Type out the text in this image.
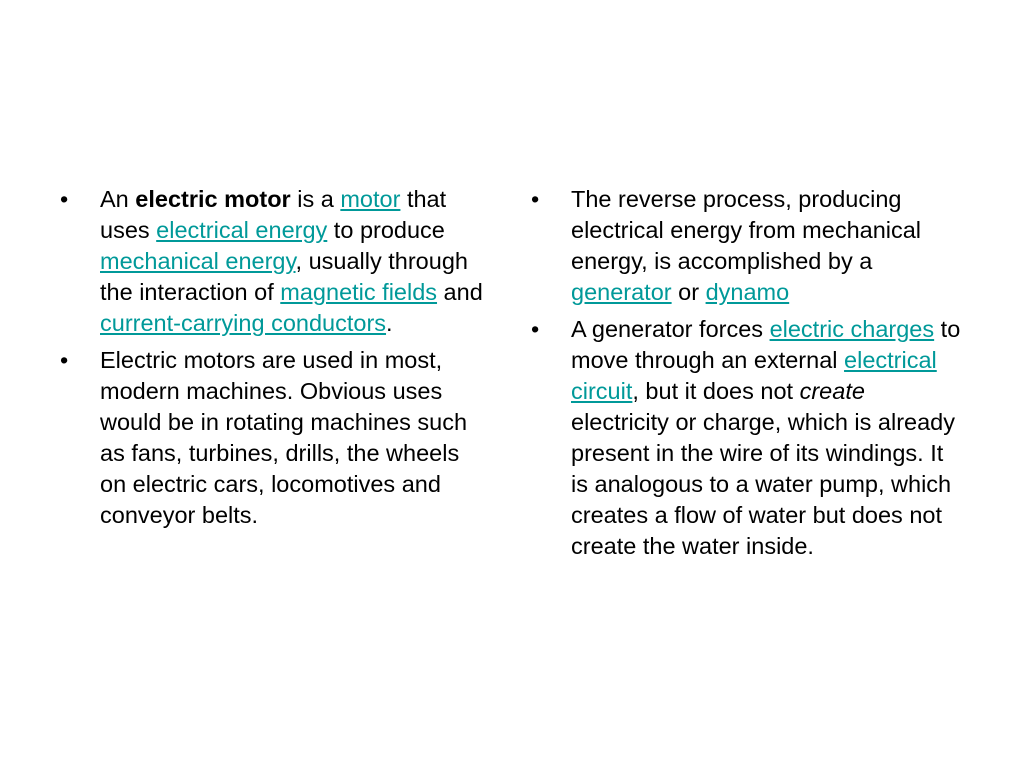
• An electric motor is a motor that uses electrical energy to produce mechanical energy, usually through the interaction of magnetic fields and current-carrying conductors.
• Electric motors are used in most, modern machines. Obvious uses would be in rotating machines such as fans, turbines, drills, the wheels on electric cars, locomotives and conveyor belts.
• The reverse process, producing electrical energy from mechanical energy, is accomplished by a generator or dynamo
• A generator forces electric charges to move through an external electrical circuit, but it does not create electricity or charge, which is already present in the wire of its windings. It is analogous to a water pump, which creates a flow of water but does not create the water inside.
